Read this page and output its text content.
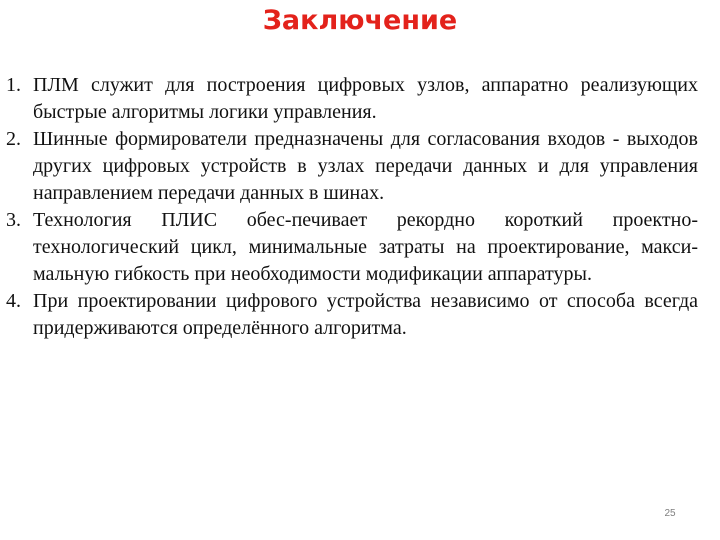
Заключение
1. ПЛМ служит для построения цифровых узлов, аппаратно реализующих быстрые алгоритмы логики управления.
2. Шинные формирователи предназначены для согласования входов - выходов других цифровых устройств в узлах передачи данных и для управления направлением передачи данных в шинах.
3. Технология ПЛИС обес-печивает рекордно короткий проектно-технологический цикл, минимальные затраты на проектирование, макси-мальную гибкость при необходимости модификации аппаратуры.
4. При проектировании цифрового устройства независимо от способа всегда придерживаются определённого алгоритма.
25
